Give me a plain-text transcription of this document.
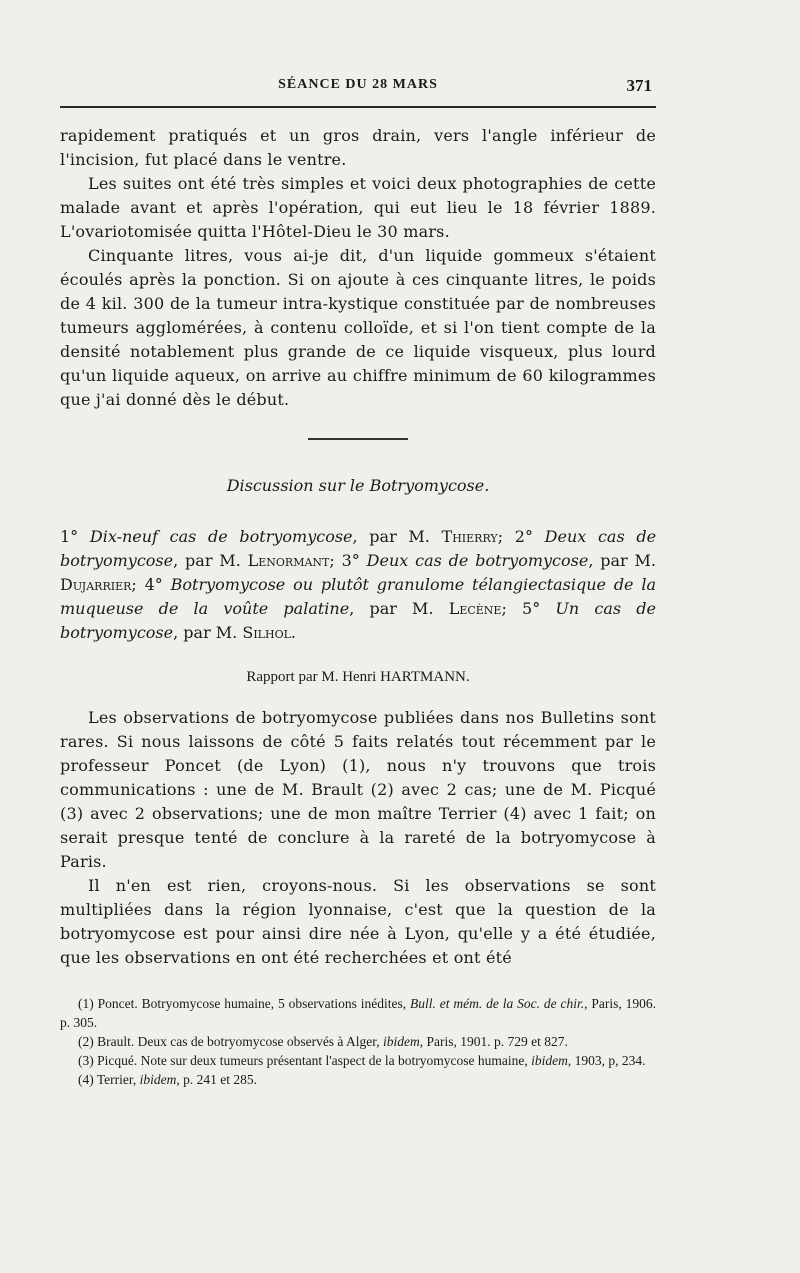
SÉANCE DU 28 MARS	371

rapidement pratiqués et un gros drain, vers l'angle inférieur de l'incision, fut placé dans le ventre.

Les suites ont été très simples et voici deux photographies de cette malade avant et après l'opération, qui eut lieu le 18 février 1889. L'ovariotomisée quitta l'Hôtel-Dieu le 30 mars.

Cinquante litres, vous ai-je dit, d'un liquide gommeux s'étaient écoulés après la ponction. Si on ajoute à ces cinquante litres, le poids de 4 kil. 300 de la tumeur intra-kystique constituée par de nombreuses tumeurs agglomérées, à contenu colloïde, et si l'on tient compte de la densité notablement plus grande de ce liquide visqueux, plus lourd qu'un liquide aqueux, on arrive au chiffre minimum de 60 kilogrammes que j'ai donné dès le début.

Discussion sur le Botryomycose.

1° Dix-neuf cas de botryomycose, par M. Thierry; 2° Deux cas de botryomycose, par M. Lenormant; 3° Deux cas de botryomycose, par M. Dujarrier; 4° Botryomycose ou plutôt granulome télangiectasique de la muqueuse de la voûte palatine, par M. Lecène; 5° Un cas de botryomycose, par M. Silhol.

Rapport par M. Henri HARTMANN.

Les observations de botryomycose publiées dans nos Bulletins sont rares. Si nous laissons de côté 5 faits relatés tout récemment par le professeur Poncet (de Lyon) (1), nous n'y trouvons que trois communications : une de M. Brault (2) avec 2 cas; une de M. Picqué (3) avec 2 observations; une de mon maître Terrier (4) avec 1 fait; on serait presque tenté de conclure à la rareté de la botryomycose à Paris.

Il n'en est rien, croyons-nous. Si les observations se sont multipliées dans la région lyonnaise, c'est que la question de la botryomycose est pour ainsi dire née à Lyon, qu'elle y a été étudiée, que les observations en ont été recherchées et ont été

(1) Poncet. Botryomycose humaine, 5 observations inédites, Bull. et mém. de la Soc. de chir., Paris, 1906. p. 305.

(2) Brault. Deux cas de botryomycose observés à Alger, ibidem, Paris, 1901. p. 729 et 827.

(3) Picqué. Note sur deux tumeurs présentant l'aspect de la botryomycose humaine, ibidem, 1903, p, 234.

(4) Terrier, ibidem, p. 241 et 285.
